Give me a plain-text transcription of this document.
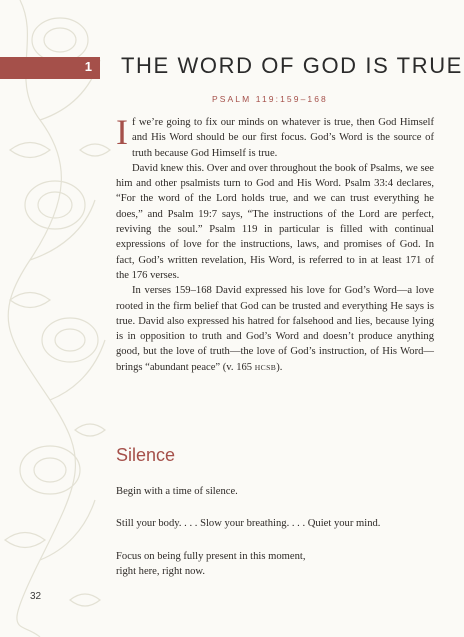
1 THE WORD OF GOD IS TRUE
PSALM 119:159–168

If we’re going to fix our minds on whatever is true, then God Himself and His Word should be our first focus. God’s Word is the source of truth because God Himself is true.

David knew this. Over and over throughout the book of Psalms, we see him and other psalmists turn to God and His Word. Psalm 33:4 declares, “For the word of the Lord holds true, and we can trust everything he does,” and Psalm 19:7 says, “The instructions of the Lord are perfect, reviving the soul.” Psalm 119 in particular is filled with continual expressions of love for the instructions, laws, and promises of God. In fact, God’s written revelation, His Word, is referred to in at least 171 of the 176 verses.

In verses 159–168 David expressed his love for God’s Word—a love rooted in the firm belief that God can be trusted and everything He says is true. David also expressed his hatred for falsehood and lies, because lying is in opposition to truth and God’s Word and doesn’t produce anything good, but the love of truth—the love of God’s instruction, of His Word—brings “abundant peace” (v. 165 HCSB).

Silence
Begin with a time of silence.
Still your body. . . . Slow your breathing. . . . Quiet your mind.
Focus on being fully present in this moment,
right here, right now.
32
